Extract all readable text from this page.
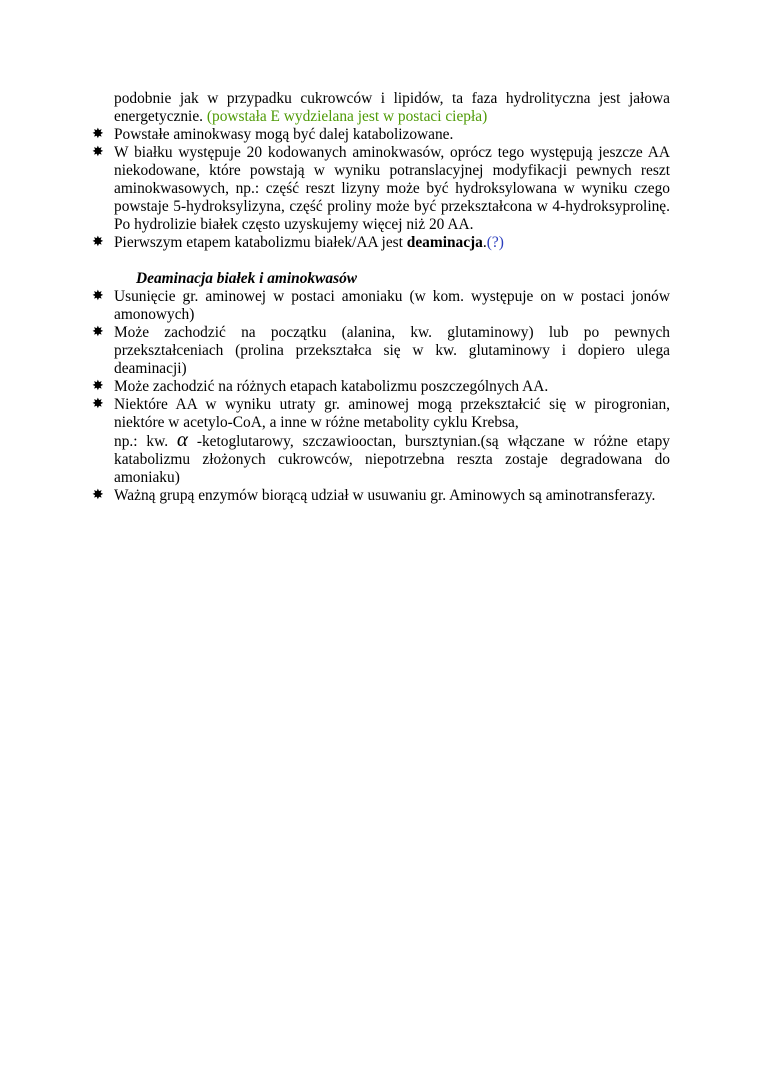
podobnie jak w przypadku cukrowców i lipidów, ta faza hydrolityczna jest jałowa energetycznie. (powstała E wydzielana jest w postaci ciepła)

✸ Powstałe aminokwasy mogą być dalej katabolizowane.
✸ W białku występuje 20 kodowanych aminokwasów, oprócz tego występują jeszcze AA niekodowane, które powstają w wyniku potranslacyjnej modyfikacji pewnych reszt aminokwasowych, np.: część reszt lizyny może być hydroksylowana w wyniku czego powstaje 5-hydroksylizyna, część proliny może być przekształcona w 4-hydroksyprolinę. Po hydrolizie białek często uzyskujemy więcej niż 20 AA.
✸ Pierwszym etapem katabolizmu białek/AA jest deaminacja.(?)

Deaminacja białek i aminokwasów

✸ Usunięcie gr. aminowej w postaci amoniaku (w kom. występuje on w postaci jonów amonowych)
✸ Może zachodzić na początku (alanina, kw. glutaminowy) lub po pewnych przekształceniach (prolina przekształca się w kw. glutaminowy i dopiero ulega deaminacji)
✸ Może zachodzić na różnych etapach katabolizmu poszczególnych AA.
✸ Niektóre AA w wyniku utraty gr. aminowej mogą przekształcić się w pirogronian, niektóre w acetylo-CoA, a inne w różne metabolity cyklu Krebsa,
np.: kw. α -ketoglutarowy, szczawiooctan, bursztynian.(są włączane w różne etapy katabolizmu złożonych cukrowców, niepotrzebna reszta zostaje degradowana do amoniaku)
✸ Ważną grupą enzymów biorącą udział w usuwaniu gr. Aminowych są aminotransferazy.
